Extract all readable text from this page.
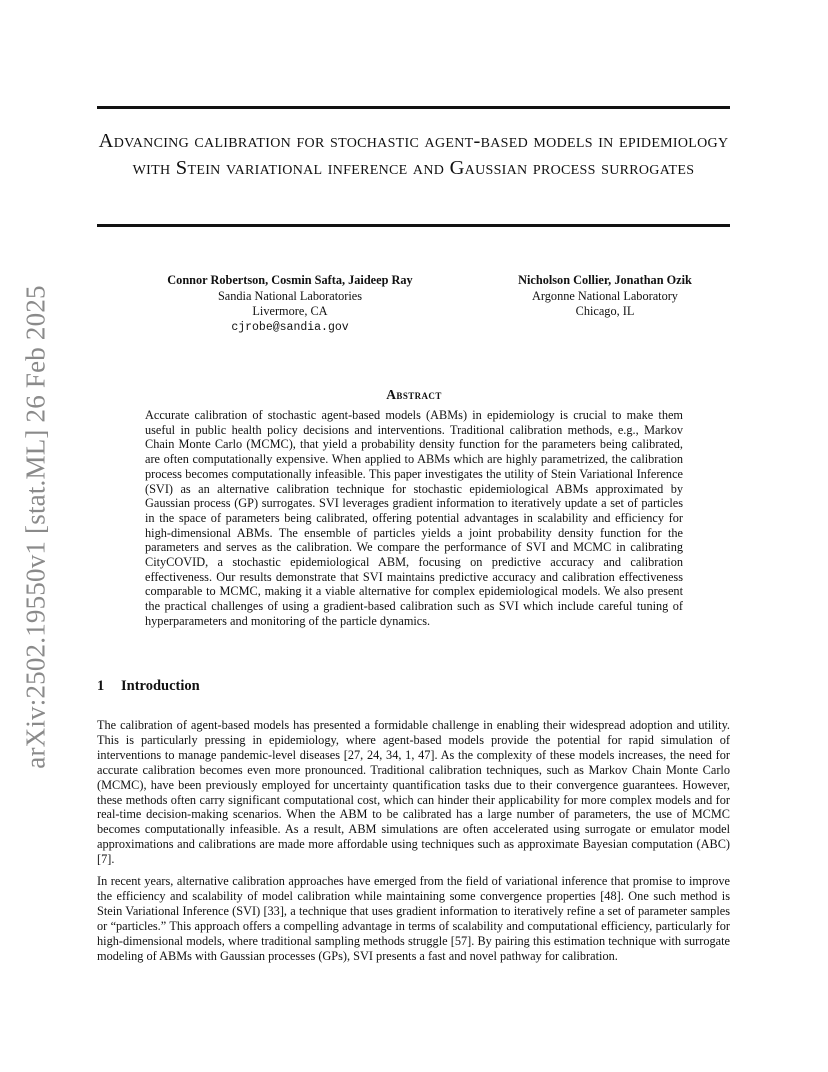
arXiv:2502.19550v1 [stat.ML] 26 Feb 2025
Advancing calibration for stochastic agent-based models in epidemiology with Stein variational inference and Gaussian process surrogates
Connor Robertson, Cosmin Safta, Jaideep Ray
Sandia National Laboratories
Livermore, CA
cjrobe@sandia.gov
Nicholson Collier, Jonathan Ozik
Argonne National Laboratory
Chicago, IL
Abstract

Accurate calibration of stochastic agent-based models (ABMs) in epidemiology is crucial to make them useful in public health policy decisions and interventions. Traditional calibration methods, e.g., Markov Chain Monte Carlo (MCMC), that yield a probability density function for the parameters being calibrated, are often computationally expensive. When applied to ABMs which are highly parametrized, the calibration process becomes computationally infeasible. This paper investigates the utility of Stein Variational Inference (SVI) as an alternative calibration technique for stochastic epidemiological ABMs approximated by Gaussian process (GP) surrogates. SVI leverages gradient information to iteratively update a set of particles in the space of parameters being calibrated, offering potential advantages in scalability and efficiency for high-dimensional ABMs. The ensemble of particles yields a joint probability density function for the parameters and serves as the calibration. We compare the performance of SVI and MCMC in calibrating CityCOVID, a stochastic epidemiological ABM, focusing on predictive accuracy and calibration effectiveness. Our results demonstrate that SVI maintains predictive accuracy and calibration effectiveness comparable to MCMC, making it a viable alternative for complex epidemiological models. We also present the practical challenges of using a gradient-based calibration such as SVI which include careful tuning of hyperparameters and monitoring of the particle dynamics.

1 Introduction

The calibration of agent-based models has presented a formidable challenge in enabling their widespread adoption and utility. This is particularly pressing in epidemiology, where agent-based models provide the potential for rapid simulation of interventions to manage pandemic-level diseases [27, 24, 34, 1, 47]. As the complexity of these models increases, the need for accurate calibration becomes even more pronounced. Traditional calibration techniques, such as Markov Chain Monte Carlo (MCMC), have been previously employed for uncertainty quantification tasks due to their convergence guarantees. However, these methods often carry significant computational cost, which can hinder their applicability for more complex models and for real-time decision-making scenarios. When the ABM to be calibrated has a large number of parameters, the use of MCMC becomes computationally infeasible. As a result, ABM simulations are often accelerated using surrogate or emulator model approximations and calibrations are made more affordable using techniques such as approximate Bayesian computation (ABC) [7].

In recent years, alternative calibration approaches have emerged from the field of variational inference that promise to improve the efficiency and scalability of model calibration while maintaining some convergence properties [48]. One such method is Stein Variational Inference (SVI) [33], a technique that uses gradient information to iteratively refine a set of parameter samples or “particles.” This approach offers a compelling advantage in terms of scalability and computational efficiency, particularly for high-dimensional models, where traditional sampling methods struggle [57]. By pairing this estimation technique with surrogate modeling of ABMs with Gaussian processes (GPs), SVI presents a fast and novel pathway for calibration.
